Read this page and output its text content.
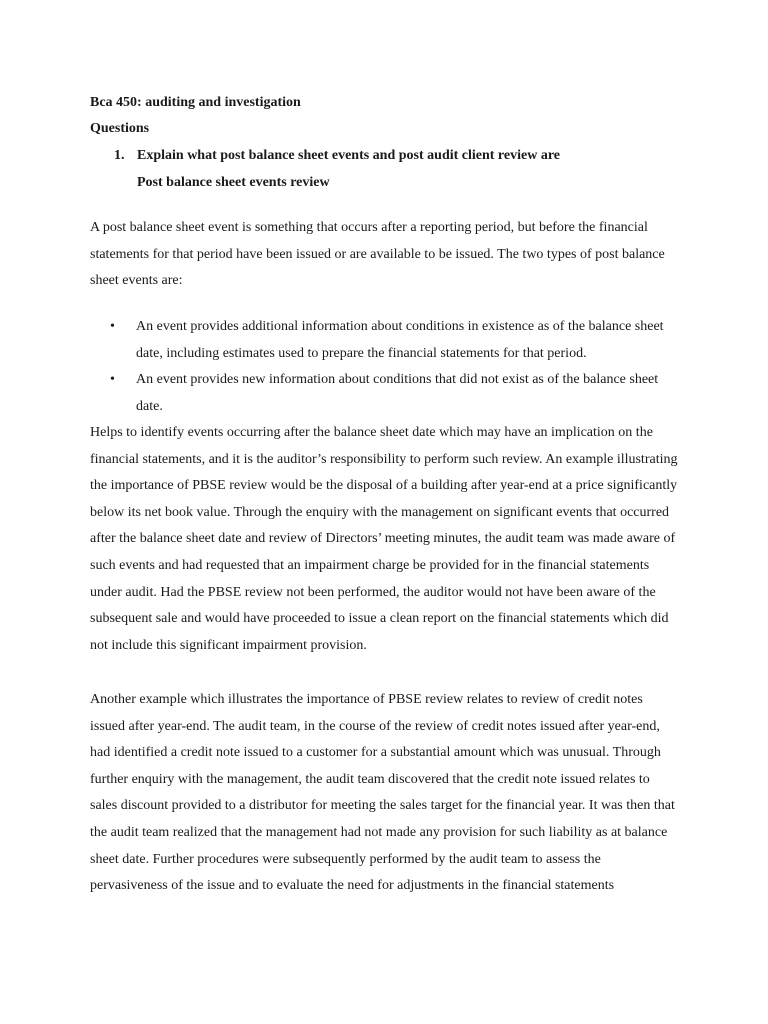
Bca 450: auditing and investigation
Questions
1. Explain what post balance sheet events and post audit client review are
Post balance sheet events review

A post balance sheet event is something that occurs after a reporting period, but before the financial statements for that period have been issued or are available to be issued. The two types of post balance sheet events are:

• An event provides additional information about conditions in existence as of the balance sheet date, including estimates used to prepare the financial statements for that period.

• An event provides new information about conditions that did not exist as of the balance sheet date.

Helps to identify events occurring after the balance sheet date which may have an implication on the financial statements, and it is the auditor’s responsibility to perform such review. An example illustrating the importance of PBSE review would be the disposal of a building after year-end at a price significantly below its net book value. Through the enquiry with the management on significant events that occurred after the balance sheet date and review of Directors’ meeting minutes, the audit team was made aware of such events and had requested that an impairment charge be provided for in the financial statements under audit. Had the PBSE review not been performed, the auditor would not have been aware of the subsequent sale and would have proceeded to issue a clean report on the financial statements which did not include this significant impairment provision.

Another example which illustrates the importance of PBSE review relates to review of credit notes issued after year-end. The audit team, in the course of the review of credit notes issued after year-end, had identified a credit note issued to a customer for a substantial amount which was unusual. Through further enquiry with the management, the audit team discovered that the credit note issued relates to sales discount provided to a distributor for meeting the sales target for the financial year. It was then that the audit team realized that the management had not made any provision for such liability as at balance sheet date. Further procedures were subsequently performed by the audit team to assess the pervasiveness of the issue and to evaluate the need for adjustments in the financial statements
